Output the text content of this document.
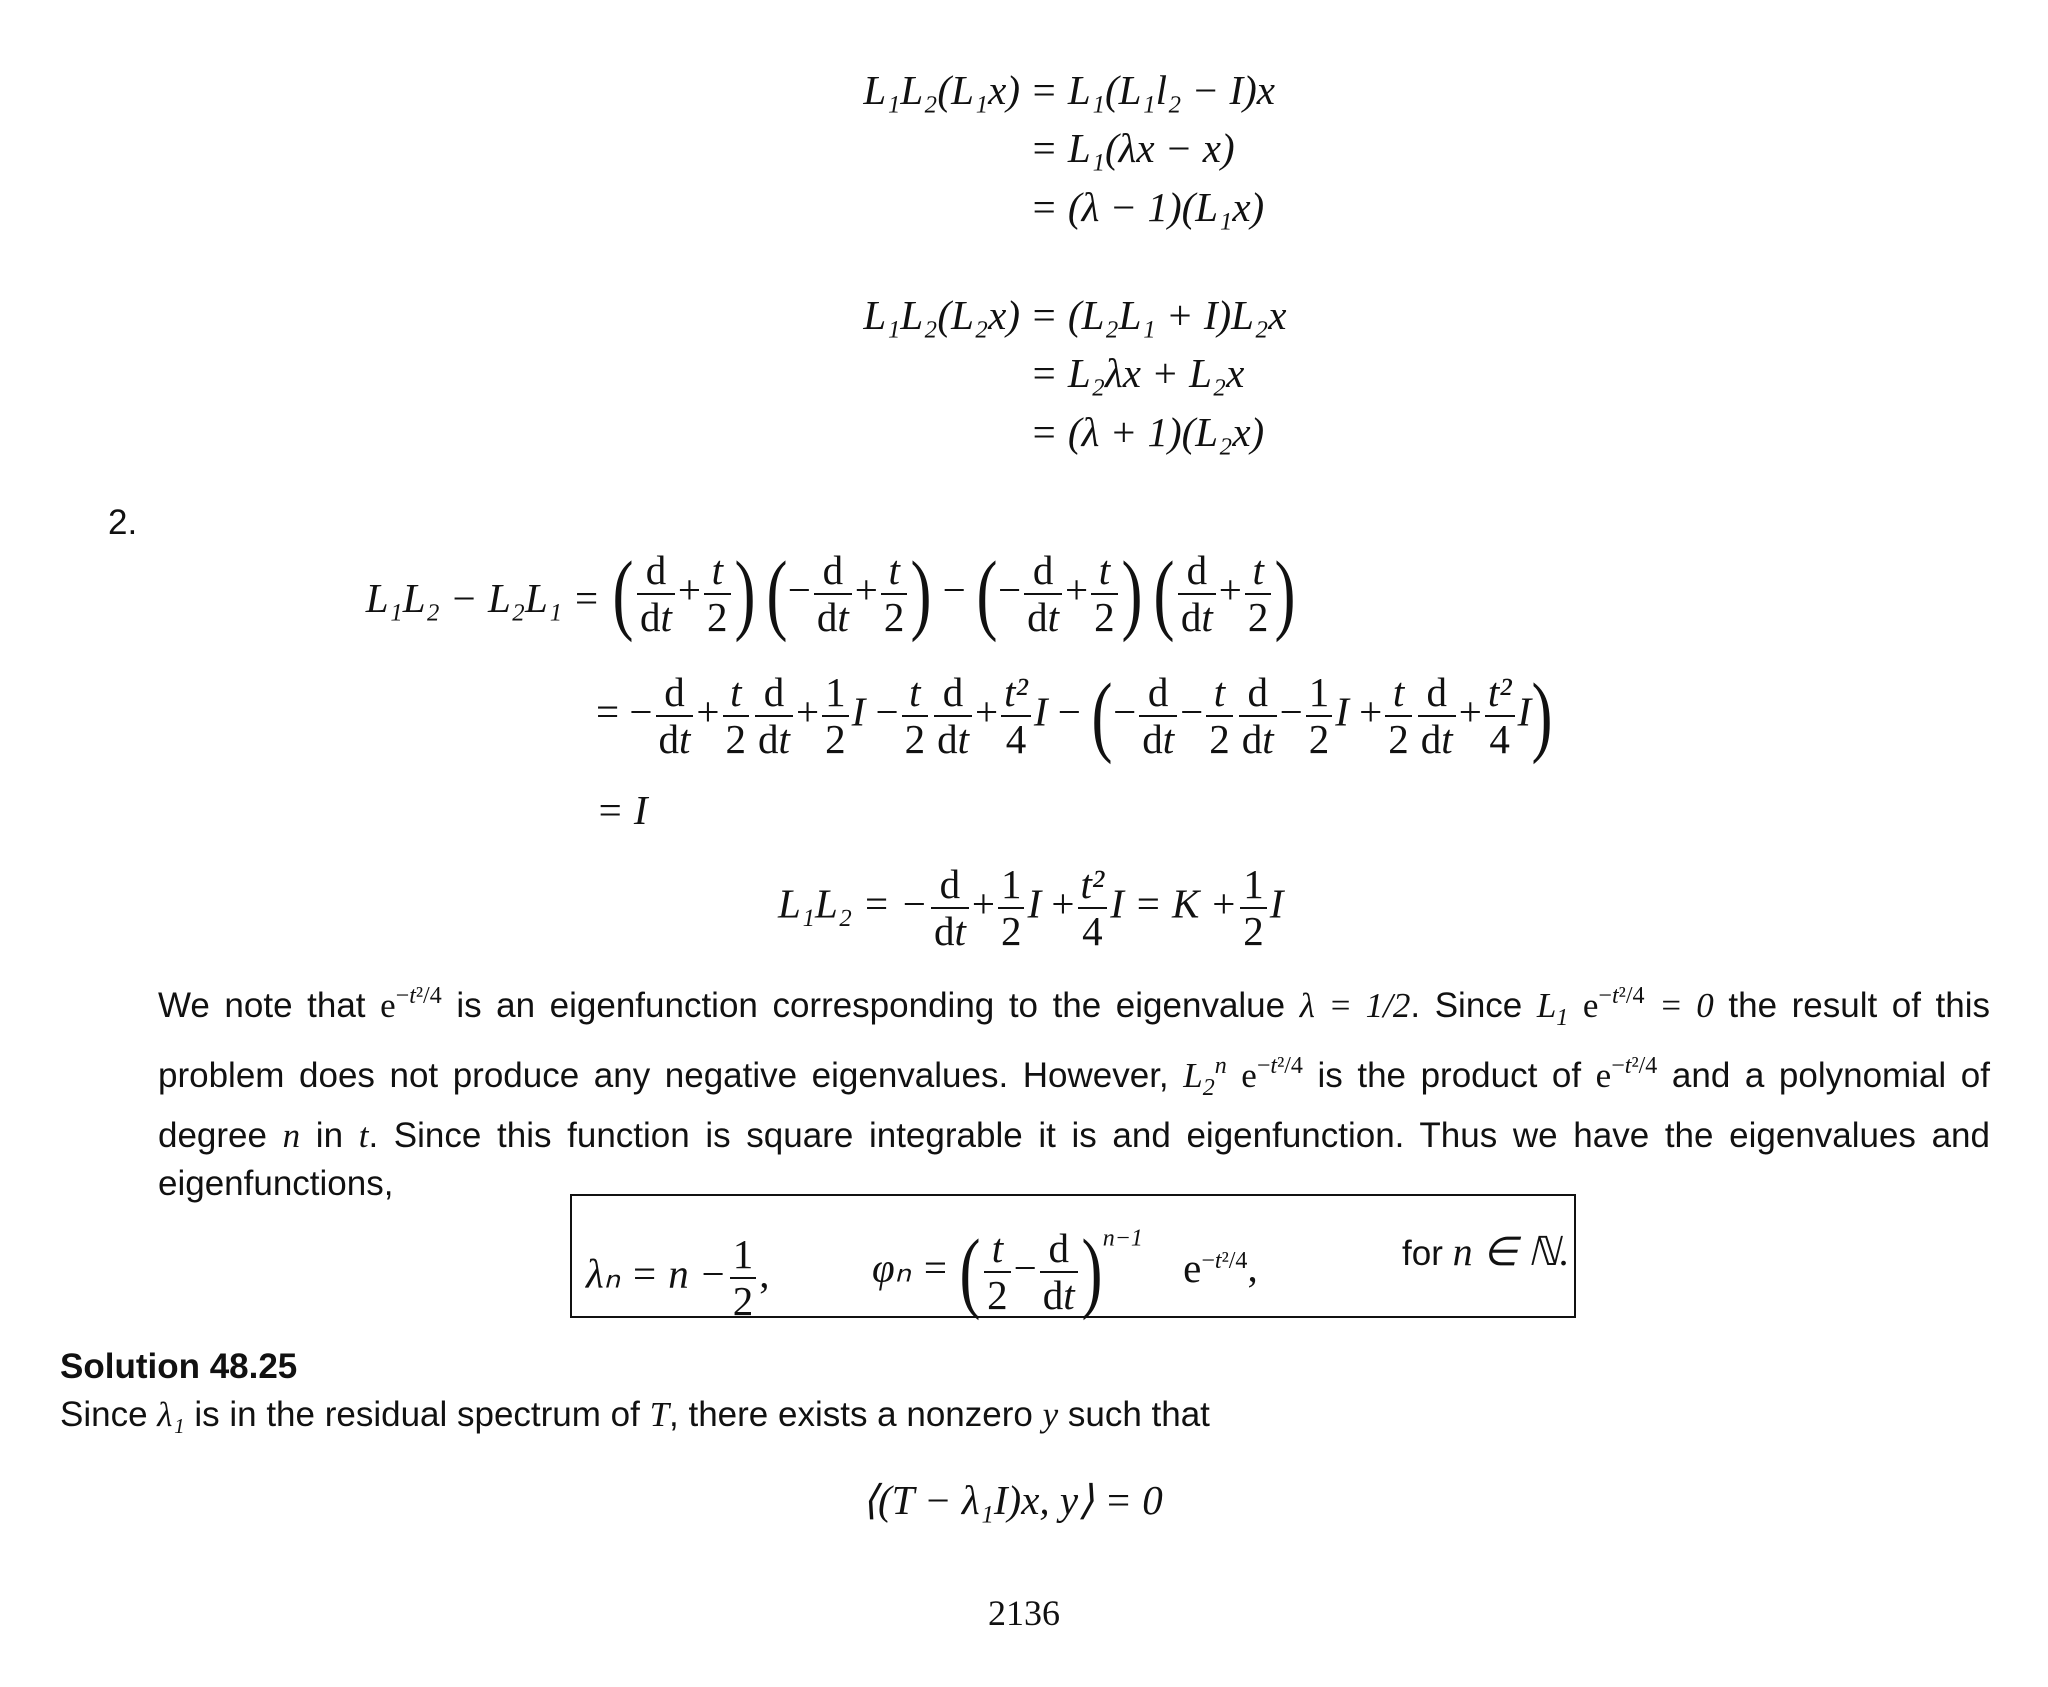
L₁L₂(L₁x) = L₁(L₁l₂ − I)x
= L₁(λx − x)
= (λ − 1)(L₁x)
L₁L₂(L₂x) = (L₂L₁ + I)L₂x
= L₂λx + L₂x
= (λ + 1)(L₂x)
2.
L₁L₂ − L₂L₁ = ( $\frac{d}{dt} + \frac{t}{2}$ ) (− $\frac{d}{dt} + \frac{t}{2}$ ) − (− $\frac{d}{dt} + \frac{t}{2}$ ) ( $\frac{d}{dt} + \frac{t}{2}$ )
= − $\frac{d}{dt} + \frac{t}{2} \frac{d}{dt} + \frac{1}{2}$ $I - \frac{t}{2} \frac{d}{dt} + \frac{\text{t²}}{4}$ I − (− $\frac{d}{dt} - \frac{t}{2} \frac{d}{dt} - \frac{1}{2}$ $I + \frac{t}{2} \frac{d}{dt} + \frac{\text{t²}}{4} I$)
= I
L₁L₂ = − $\frac{d}{dt} + \frac{1}{2}$ $I + \frac{\text{t²}}{4}$ $I = K + \frac{1}{2}$ I
We note that $e^{-t^2/4}$ is an eigenfunction corresponding to the eigenvalue λ = 1/2. Since $L_1$ $e^{-t^2/4} = 0$ the result of this problem does not produce any negative eigenvalues. However, $L_2^n$ $e^{-t^2/4}$ is the product of $e^{-t^2/4}$ and a polynomial of degree n in t. Since this function is square integrable it is and eigenfunction. Thus we have the eigenvalues and eigenfunctions,
$\lambda_n = n - \frac{1}{2}$ ,	φₙ = ( $\frac{t}{2} - \frac{d}{dt} )^{n-1}$ $e^{-t^2/4}$,	for n ∈ ℕ.
Solution 48.25
Since λ₁ is in the residual spectrum of T, there exists a nonzero y such that
⟨(T − λ₁I)x, y⟩ = 0
2136
